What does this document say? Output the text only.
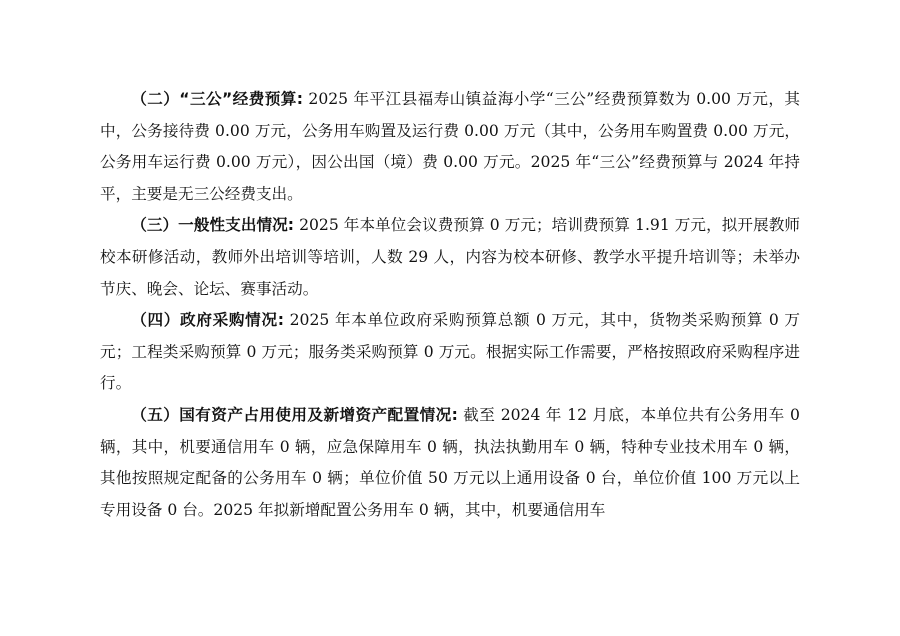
（二）“三公”经费预算: 2025 年平江县福寿山镇益海小学“三公”经费预算数为 0.00 万元，其中，公务接待费 0.00 万元，公务用车购置及运行费 0.00 万元（其中，公务用车购置费 0.00 万元，公务用车运行费 0.00 万元），因公出国（境）费 0.00 万元。2025 年“三公”经费预算与 2024 年持平，主要是无三公经费支出。

（三）一般性支出情况: 2025 年本单位会议费预算 0 万元；培训费预算 1.91 万元，拟开展教师校本研修活动，教师外出培训等培训，人数 29 人，内容为校本研修、教学水平提升培训等；未举办节庆、晚会、论坛、赛事活动。

（四）政府采购情况: 2025 年本单位政府采购预算总额 0 万元，其中，货物类采购预算 0 万元；工程类采购预算 0 万元；服务类采购预算 0 万元。根据实际工作需要，严格按照政府采购程序进行。

（五）国有资产占用使用及新增资产配置情况: 截至 2024 年 12 月底，本单位共有公务用车 0 辆，其中，机要通信用车 0 辆，应急保障用车 0 辆，执法执勤用车 0 辆，特种专业技术用车 0 辆，其他按照规定配备的公务用车 0 辆；单位价值 50 万元以上通用设备 0 台，单位价值 100 万元以上专用设备 0 台。2025 年拟新增配置公务用车 0 辆，其中，机要通信用车
